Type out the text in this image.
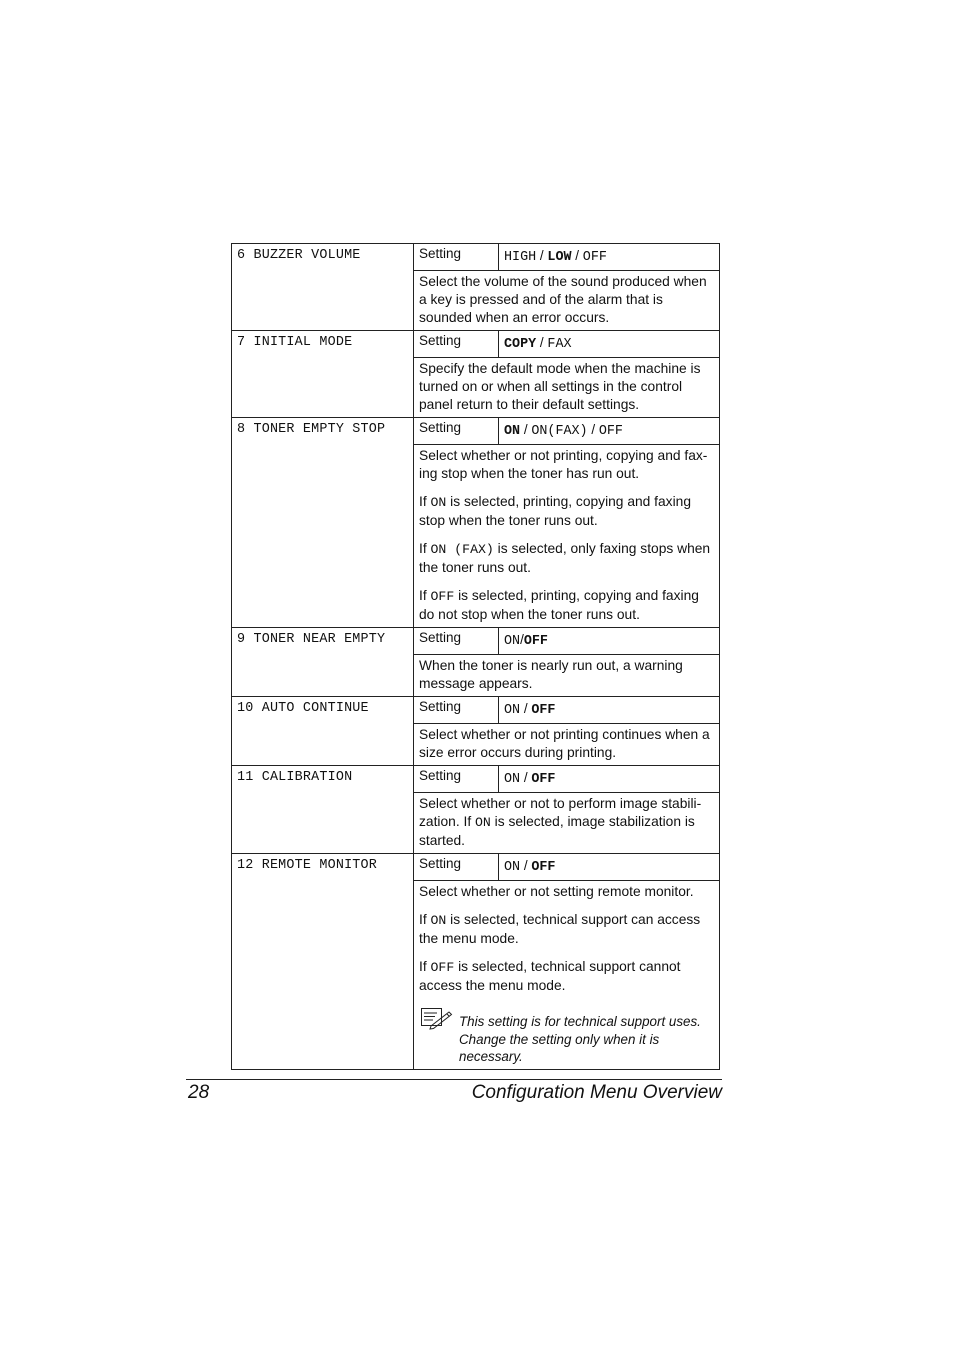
6 BUZZER VOLUME	Setting	HIGH / LOW / OFF

	Select the volume of the sound produced when a key is pressed and of the alarm that is sounded when an error occurs.	

7 INITIAL MODE	Setting	COPY / FAX

	Specify the default mode when the machine is turned on or when all settings in the control panel return to their default settings.	

8 TONER EMPTY STOP	Setting	ON / ON(FAX) / OFF

	Select whether or not printing, copying and fax-ing stop when the toner has run out.

If ON is selected, printing, copying and faxing stop when the toner runs out.

If ON (FAX) is selected, only faxing stops when the toner runs out.

If OFF is selected, printing, copying and faxing do not stop when the toner runs out.	

9 TONER NEAR EMPTY	Setting	ON/OFF

	When the toner is nearly run out, a warning message appears.	

10 AUTO CONTINUE	Setting	ON / OFF

	Select whether or not printing continues when a size error occurs during printing.	

11 CALIBRATION	Setting	ON / OFF

	Select whether or not to perform image stabili-zation. If ON is selected, image stabilization is started.	

12 REMOTE MONITOR	Setting	ON / OFF

	Select whether or not setting remote monitor.

If ON is selected, technical support can access the menu mode.

If OFF is selected, technical support cannot access the menu mode.

This setting is for technical support uses. Change the setting only when it is necessary.	
28	Configuration Menu Overview
